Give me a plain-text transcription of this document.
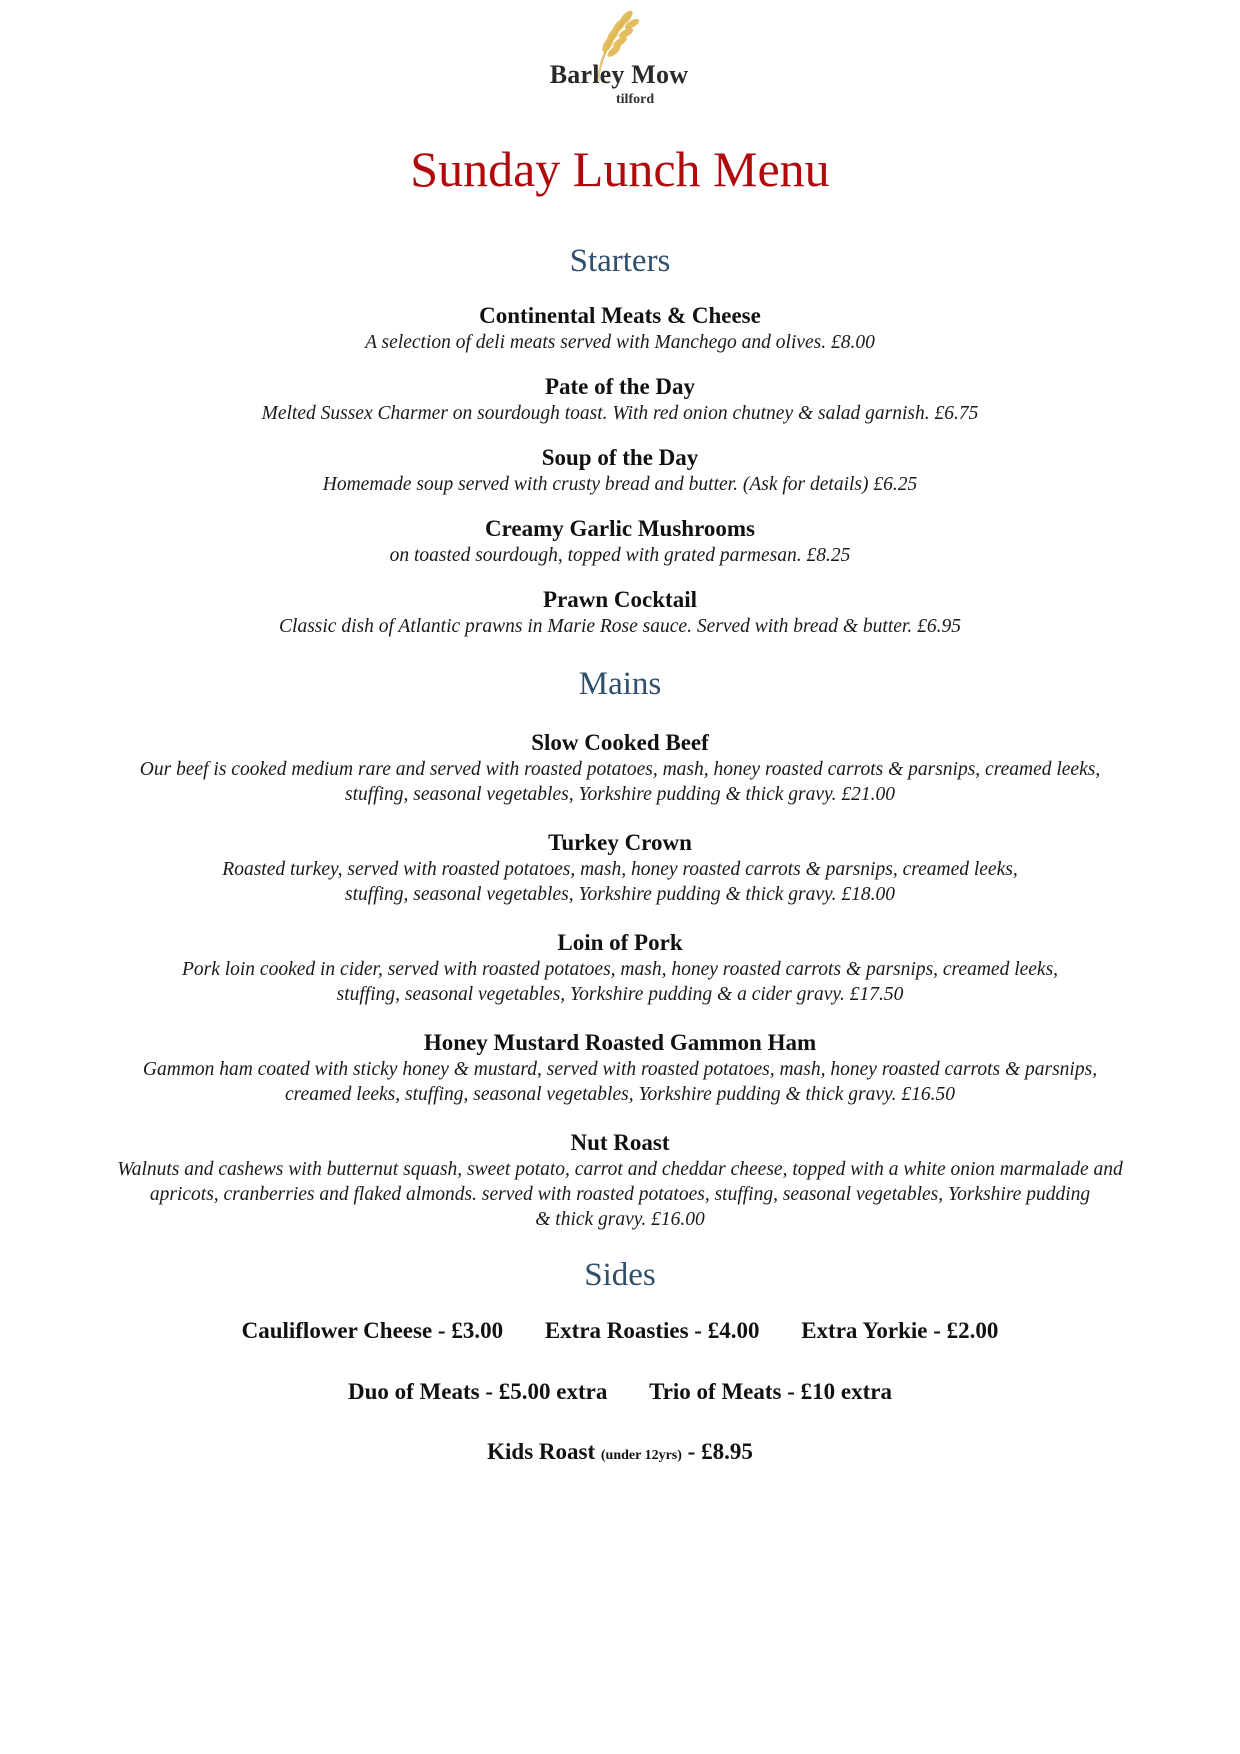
Barley Mow
tilford
Sunday Lunch Menu
Starters
Continental Meats & Cheese
A selection of deli meats served with Manchego and olives. £8.00
Pate of the Day
Melted Sussex Charmer on sourdough toast. With red onion chutney & salad garnish. £6.75
Soup of the Day
Homemade soup served with crusty bread and butter. (Ask for details) £6.25
Creamy Garlic Mushrooms
on toasted sourdough, topped with grated parmesan. £8.25
Prawn Cocktail
Classic dish of Atlantic prawns in Marie Rose sauce. Served with bread & butter. £6.95
Mains
Slow Cooked Beef
Our beef is cooked medium rare and served with roasted potatoes, mash, honey roasted carrots & parsnips, creamed leeks,
stuffing, seasonal vegetables, Yorkshire pudding & thick gravy. £21.00
Turkey Crown
Roasted turkey, served with roasted potatoes, mash, honey roasted carrots & parsnips, creamed leeks,
stuffing, seasonal vegetables, Yorkshire pudding & thick gravy. £18.00
Loin of Pork
Pork loin cooked in cider, served with roasted potatoes, mash, honey roasted carrots & parsnips, creamed leeks,
stuffing, seasonal vegetables, Yorkshire pudding & a cider gravy. £17.50
Honey Mustard Roasted Gammon Ham
Gammon ham coated with sticky honey & mustard, served with roasted potatoes, mash, honey roasted carrots & parsnips,
creamed leeks, stuffing, seasonal vegetables, Yorkshire pudding & thick gravy. £16.50
Nut Roast
Walnuts and cashews with butternut squash, sweet potato, carrot and cheddar cheese, topped with a white onion marmalade and
apricots, cranberries and flaked almonds. served with roasted potatoes, stuffing, seasonal vegetables, Yorkshire pudding
& thick gravy. £16.00
Sides
Cauliflower Cheese - £3.00 Extra Roasties - £4.00 Extra Yorkie - £2.00
Duo of Meats - £5.00 extra Trio of Meats - £10 extra
Kids Roast (under 12yrs) - £8.95
